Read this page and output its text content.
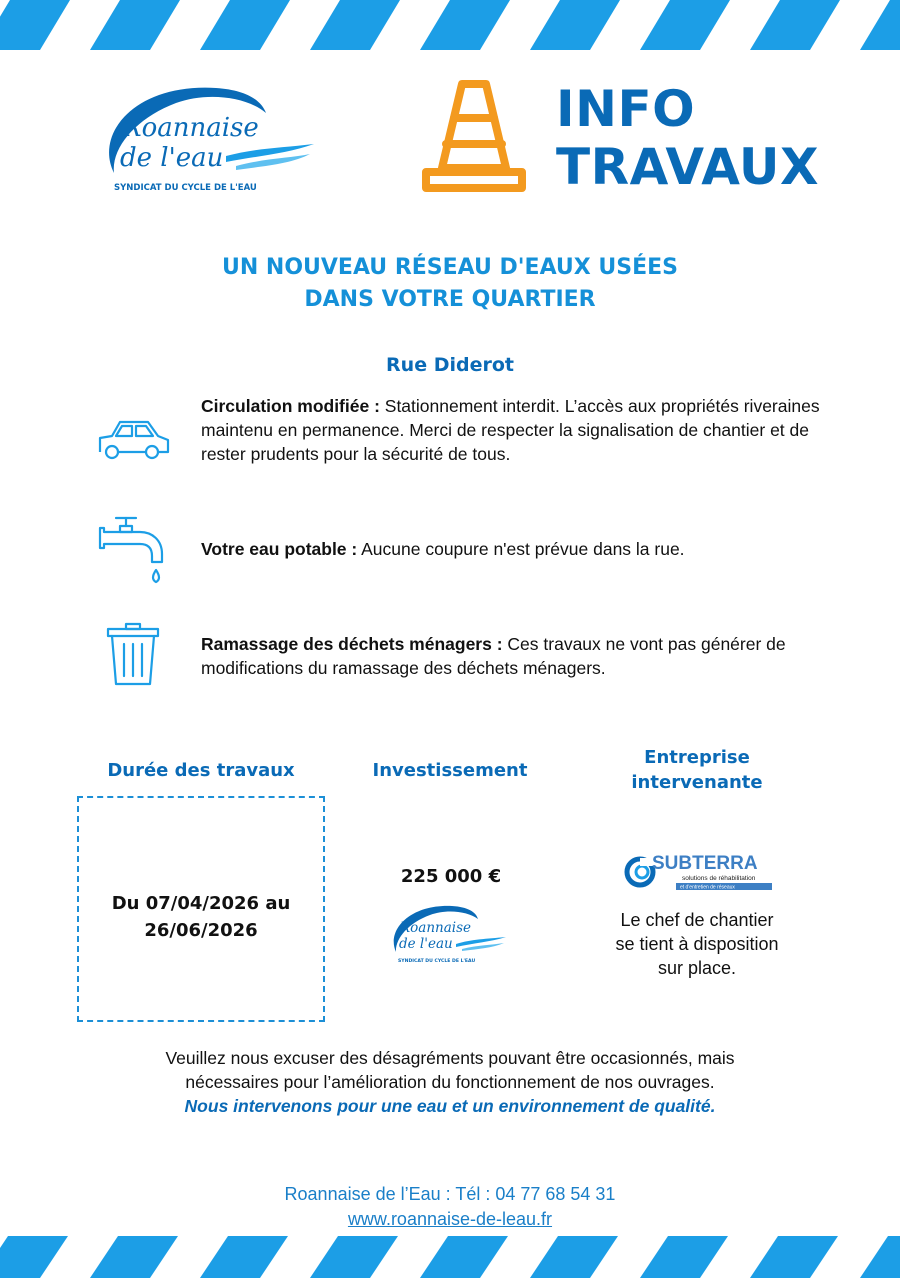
Roannaise
de l'eau
SYNDICAT DU CYCLE DE L'EAU
INFO
TRAVAUX
UN NOUVEAU RÉSEAU D'EAUX USÉES
DANS VOTRE QUARTIER
Rue Diderot
Circulation modifiée : Stationnement interdit. L’accès aux propriétés riveraines maintenu en permanence. Merci de respecter la signalisation de chantier et de rester prudents pour la sécurité de tous.
Votre eau potable : Aucune coupure n'est prévue dans la rue.
Ramassage des déchets ménagers : Ces travaux ne vont pas générer de modifications du ramassage des déchets ménagers.
Durée des travaux	Investissement
Entreprise
intervenante
Du 07/04/2026 au
26/06/2026
225 000 €
Roannaise
de l'eau
SYNDICAT DU CYCLE DE L'EAU
SUBTERRA
solutions de réhabilitation
et d'entretien de réseaux
Le chef de chantier
se tient à disposition
sur place.
Veuillez nous excuser des désagréments pouvant être occasionnés, mais
nécessaires pour l’amélioration du fonctionnement de nos ouvrages.
Nous intervenons pour une eau et un environnement de qualité.
Roannaise de l’Eau : Tél : 04 77 68 54 31
www.roannaise-de-leau.fr
